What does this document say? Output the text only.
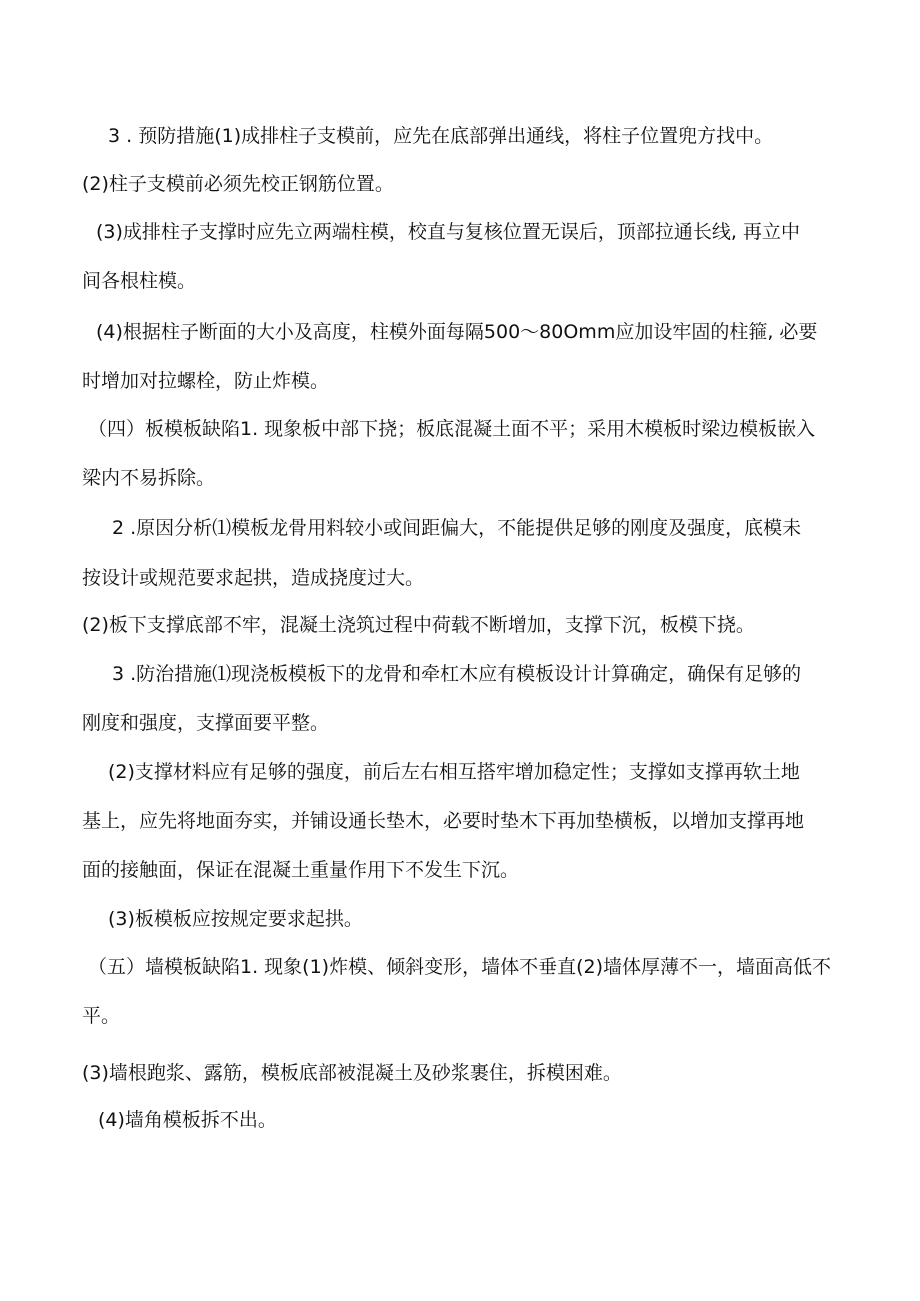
3 . 预防措施(1)成排柱子支模前，应先在底部弹出通线，将柱子位置兜方找中。
(2)柱子支模前必须先校正钢筋位置。
(3)成排柱子支撑时应先立两端柱模，校直与复核位置无误后，顶部拉通长线, 再立中
间各根柱模。
(4)根据柱子断面的大小及高度，柱模外面每隔500〜80Omm应加设牢固的柱箍, 必要
时增加对拉螺栓，防止炸模。
（四）板模板缺陷1. 现象板中部下挠；板底混凝土面不平；采用木模板时梁边模板嵌入
梁内不易拆除。
2 .原因分析⑴模板龙骨用料较小或间距偏大，不能提供足够的刚度及强度，底模未
按设计或规范要求起拱，造成挠度过大。
(2)板下支撑底部不牢，混凝土浇筑过程中荷载不断增加，支撑下沉，板模下挠。
3 .防治措施⑴现浇板模板下的龙骨和牵杠木应有模板设计计算确定，确保有足够的
刚度和强度，支撑面要平整。
(2)支撑材料应有足够的强度，前后左右相互搭牢增加稳定性；支撑如支撑再软土地
基上，应先将地面夯实，并铺设通长垫木，必要时垫木下再加垫横板，以增加支撑再地
面的接触面，保证在混凝土重量作用下不发生下沉。
(3)板模板应按规定要求起拱。
（五）墙模板缺陷1. 现象(1)炸模、倾斜变形，墙体不垂直(2)墙体厚薄不一，墙面高低不
平。
(3)墙根跑浆、露筋，模板底部被混凝土及砂浆裹住，拆模困难。
(4)墙角模板拆不出。
